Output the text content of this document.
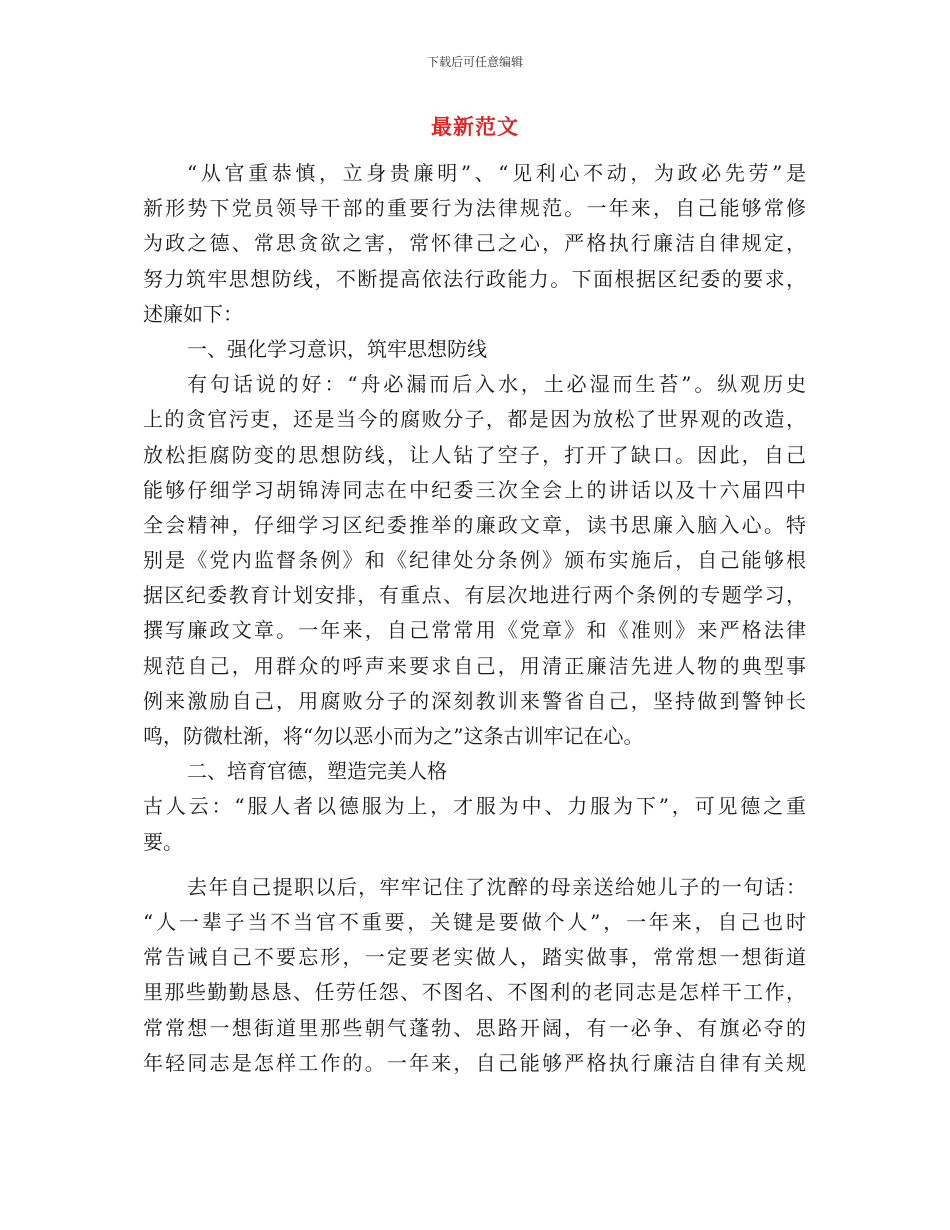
下载后可任意编辑
最新范文
“从官重恭慎，立身贵廉明”、“见利心不动，为政必先劳”是
新形势下党员领导干部的重要行为法律规范。一年来，自己能够常修
为政之德、常思贪欲之害，常怀律己之心，严格执行廉洁自律规定，
努力筑牢思想防线，不断提高依法行政能力。下面根据区纪委的要求，
述廉如下：
一、强化学习意识，筑牢思想防线
有句话说的好：“舟必漏而后入水，土必湿而生苔”。纵观历史
上的贪官污吏，还是当今的腐败分子，都是因为放松了世界观的改造，
放松拒腐防变的思想防线，让人钻了空子，打开了缺口。因此，自己
能够仔细学习胡锦涛同志在中纪委三次全会上的讲话以及十六届四中
全会精神，仔细学习区纪委推举的廉政文章，读书思廉入脑入心。特
别是《党内监督条例》和《纪律处分条例》颁布实施后，自己能够根
据区纪委教育计划安排，有重点、有层次地进行两个条例的专题学习，
撰写廉政文章。一年来，自己常常用《党章》和《准则》来严格法律
规范自己，用群众的呼声来要求自己，用清正廉洁先进人物的典型事
例来激励自己，用腐败分子的深刻教训来警省自己，坚持做到警钟长
鸣，防微杜渐，将“勿以恶小而为之”这条古训牢记在心。
二、培育官德，塑造完美人格
古人云：“服人者以德服为上，才服为中、力服为下”，可见德之重
要。
去年自己提职以后，牢牢记住了沈醉的母亲送给她儿子的一句话：
“人一辈子当不当官不重要，关键是要做个人”，一年来，自己也时
常告诫自己不要忘形，一定要老实做人，踏实做事，常常想一想街道
里那些勤勤恳恳、任劳任怨、不图名、不图利的老同志是怎样干工作，
常常想一想街道里那些朝气蓬勃、思路开阔，有一必争、有旗必夺的
年轻同志是怎样工作的。一年来，自己能够严格执行廉洁自律有关规
